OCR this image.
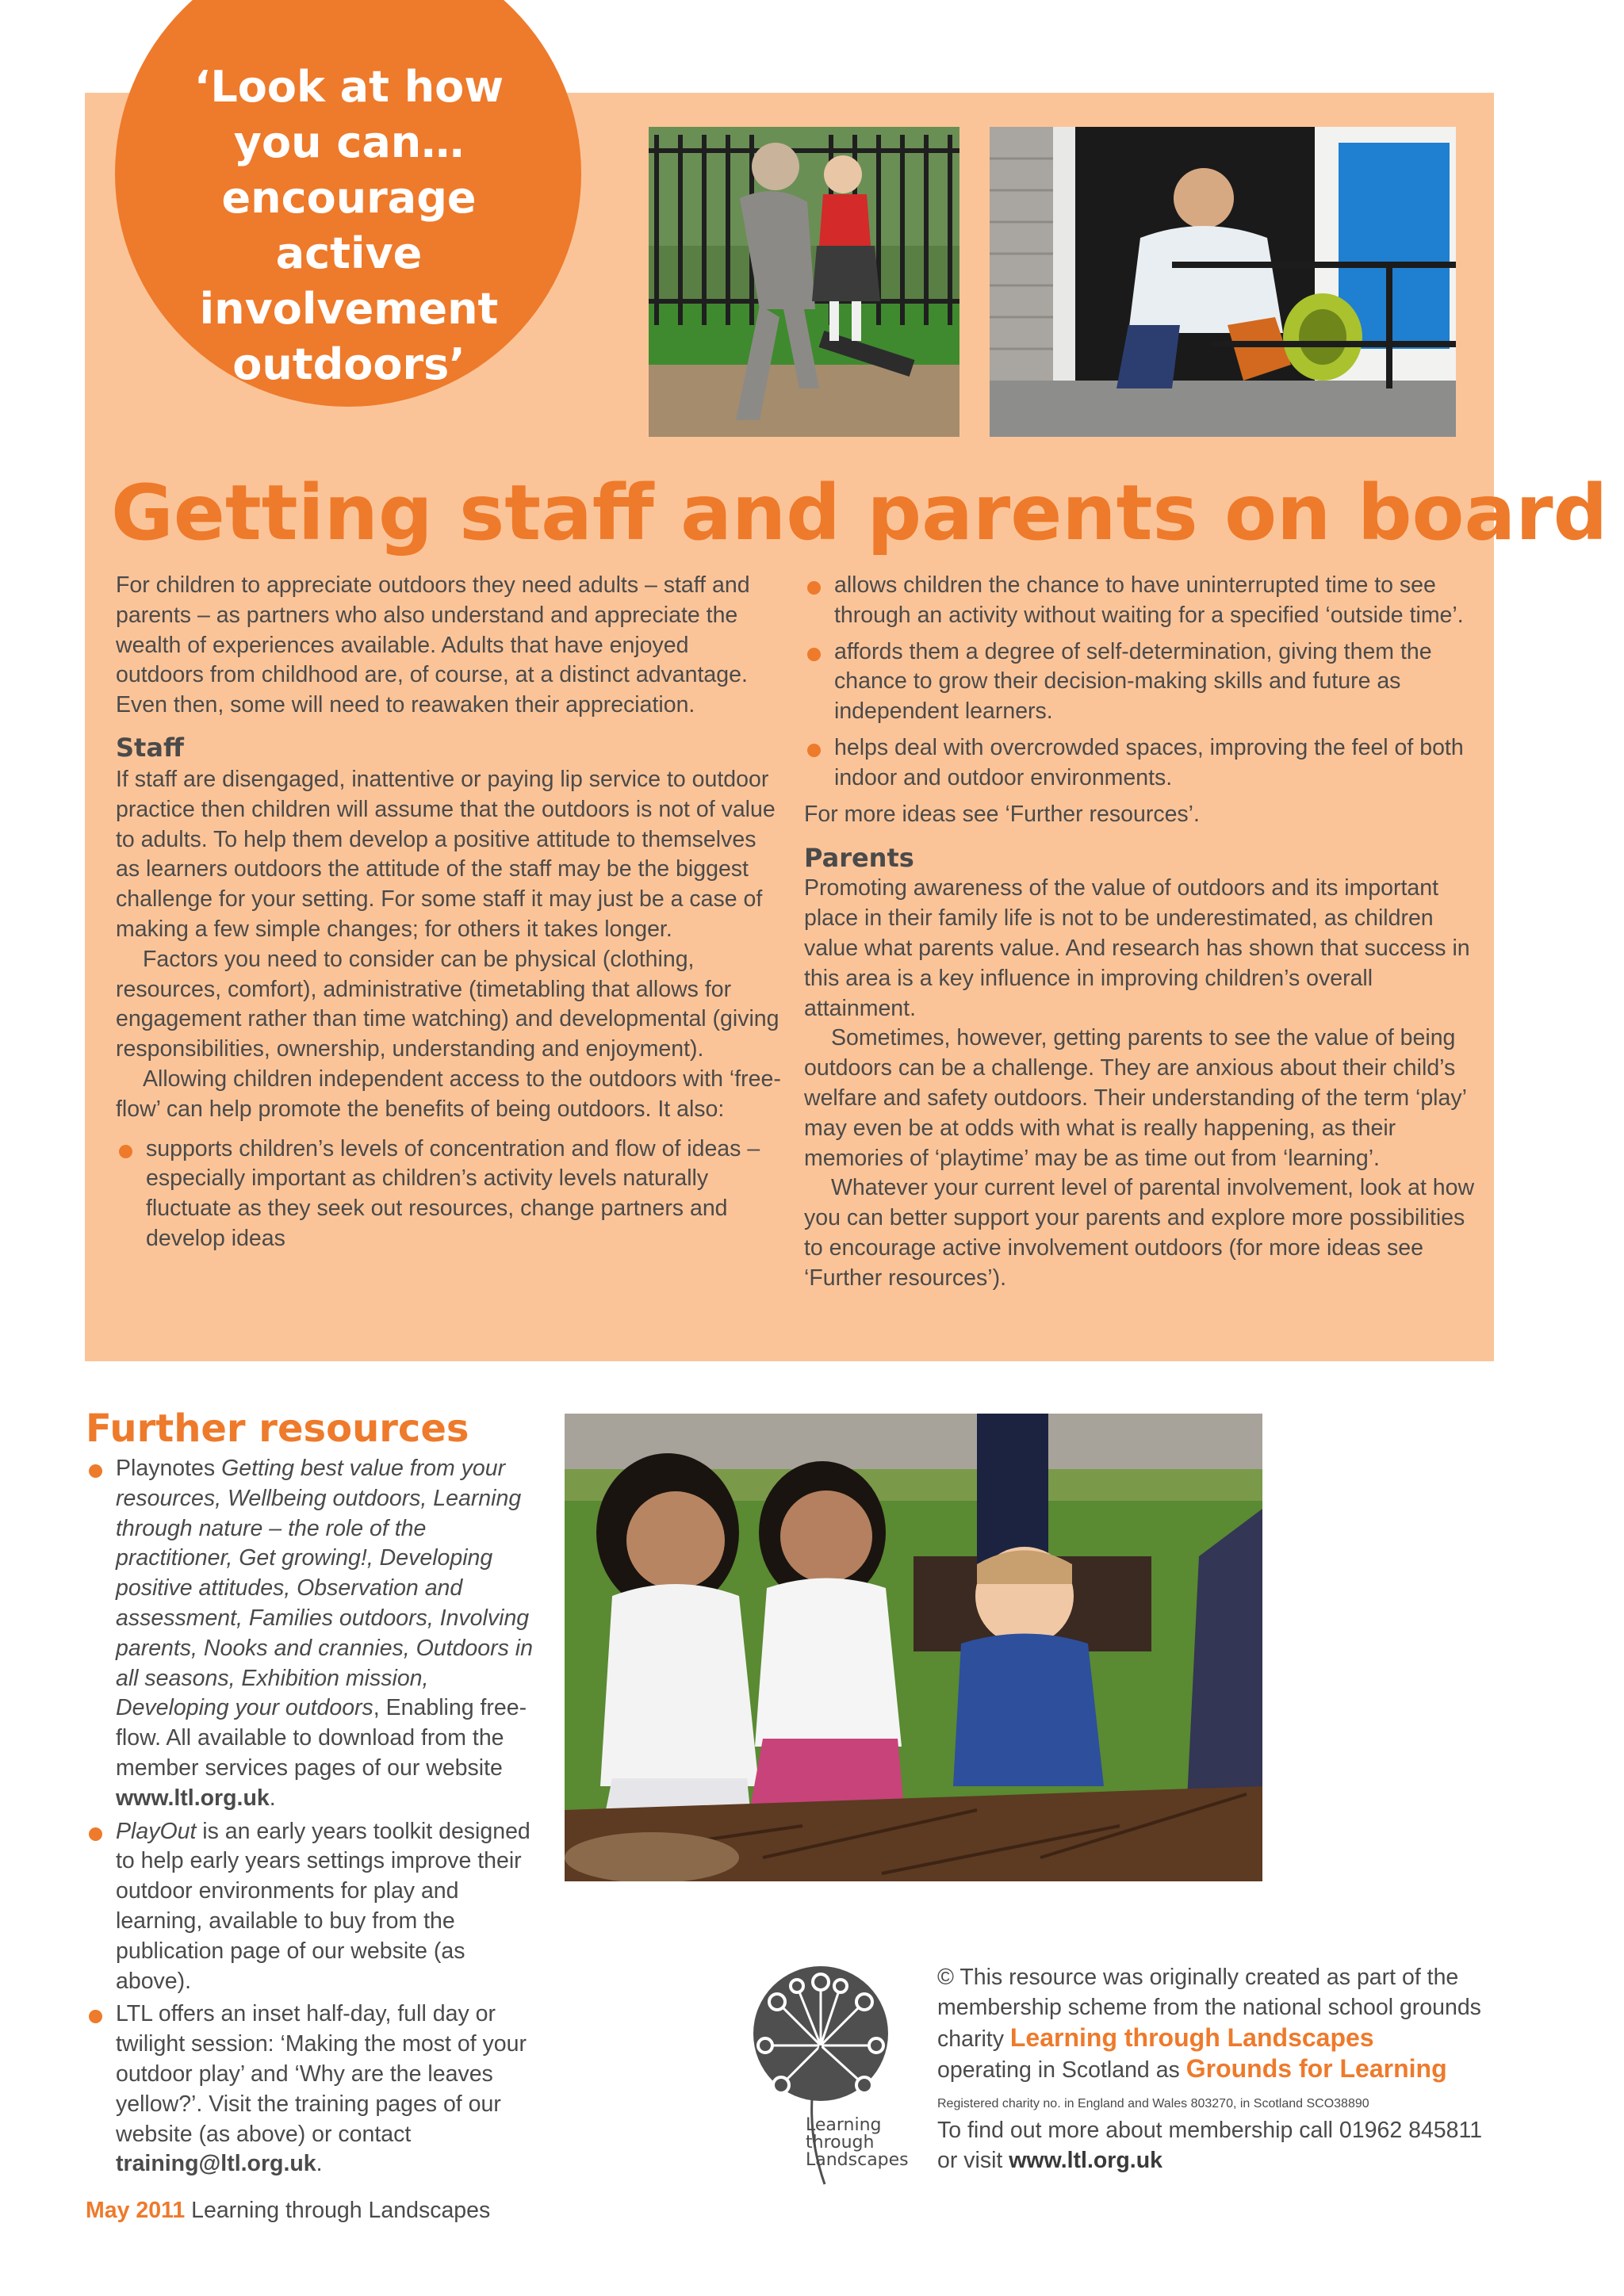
‘Look at how you can… encourage active involvement outdoors’
Getting staff and parents on board

For children to appreciate outdoors they need adults – staff and parents – as partners who also understand and appreciate the wealth of experiences available. Adults that have enjoyed outdoors from childhood are, of course, at a distinct advantage. Even then, some will need to reawaken their appreciation.

Staff

If staff are disengaged, inattentive or paying lip service to outdoor practice then children will assume that the outdoors is not of value to adults. To help them develop a positive attitude to themselves as learners outdoors the attitude of the staff may be the biggest challenge for your setting. For some staff it may just be a case of making a few simple changes; for others it takes longer.

Factors you need to consider can be physical (clothing, resources, comfort), administrative (timetabling that allows for engagement rather than time watching) and developmental (giving responsibilities, ownership, understanding and enjoyment).

Allowing children independent access to the outdoors with ‘free-flow’ can help promote the benefits of being outdoors. It also:

supports children’s levels of concentration and flow of ideas – especially important as children’s activity levels naturally fluctuate as they seek out resources, change partners and develop ideas
allows children the chance to have uninterrupted time to see through an activity without waiting for a specified ‘outside time’.
affords them a degree of self-determination, giving them the chance to grow their decision-making skills and future as independent learners.
helps deal with overcrowded spaces, improving the feel of both indoor and outdoor environments.

For more ideas see ‘Further resources’.

Parents

Promoting awareness of the value of outdoors and its important place in their family life is not to be underestimated, as children value what parents value. And research has shown that success in this area is a key influence in improving children’s overall attainment.

Sometimes, however, getting parents to see the value of being outdoors can be a challenge. They are anxious about their child’s welfare and safety outdoors. Their understanding of the term ‘play’ may even be at odds with what is really happening, as their memories of ‘playtime’ may be as time out from ‘learning’.

Whatever your current level of parental involvement, look at how you can better support your parents and explore more possibilities to encourage active involvement outdoors (for more ideas see ‘Further resources’).

Further resources
Playnotes Getting best value from your resources, Wellbeing outdoors, Learning through nature – the role of the practitioner, Get growing!, Developing positive attitudes, Observation and assessment, Families outdoors, Involving parents, Nooks and crannies, Outdoors in all seasons, Exhibition mission, Developing your outdoors, Enabling free-flow. All available to download from the member services pages of our website www.ltl.org.uk.
PlayOut is an early years toolkit designed to help early years settings improve their outdoor environments for play and learning, available to buy from the publication page of our website (as above).
LTL offers an inset half-day, full day or twilight session: ‘Making the most of your outdoor play’ and ‘Why are the leaves yellow?’. Visit the training pages of our website (as above) or contact training@ltl.org.uk.
Learning
through
Landscapes
© This resource was originally created as part of the membership scheme from the national school grounds charity Learning through Landscapes
operating in Scotland as Grounds for Learning
Registered charity no. in England and Wales 803270, in Scotland SCO38890
To find out more about membership call 01962 845811 or visit www.ltl.org.uk
May 2011 Learning through Landscapes
